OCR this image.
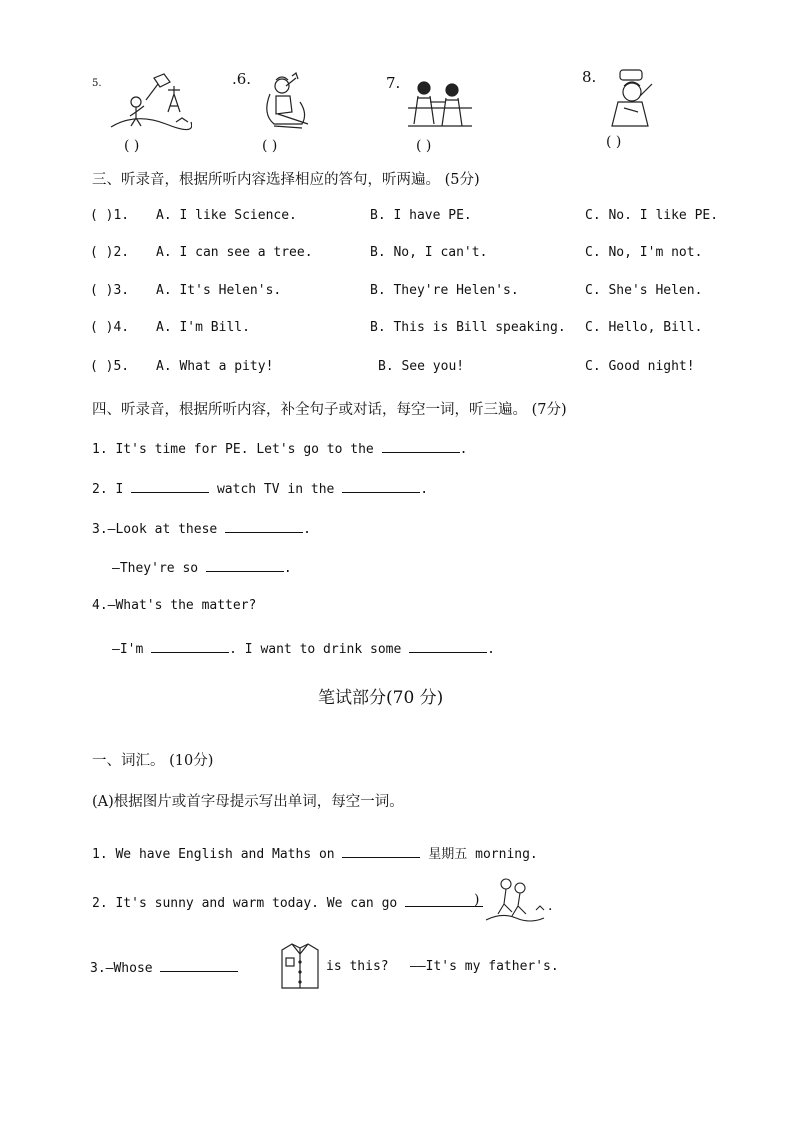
5.
( )
.6.
( )
7.
( )
8.
( )
三、听录音，根据所听内容选择相应的答句，听两遍。 (5分)
( )1. A. I like Science.	B. I have PE.	C. No. I like PE.
( )2. A. I can see a tree.	B. No, I can't.	C. No, I'm not.
( )3. A. It's Helen's.	B. They're Helen's.	C. She's Helen.
( )4. A. I'm Bill.	B. This is Bill speaking. C. Hello, Bill.
( )5. A. What a pity!	B. See you!	C. Good night!
四、听录音，根据所听内容，补全句子或对话，每空一词，听三遍。 (7分)
1. It's time for PE. Let's go to the	.
2. I	watch TV in the	.
3.—Look at these	.
—They're so	.
4.—What's the matter?
—I'm	. I want to drink some	.
笔试部分(70 分)
一、词汇。 (10分)
(A)根据图片或首字母提示写出单词，每空一词。
1. We have English and Maths on	星期五 morning.
2. It's sunny and warm today. We can go	)	.
3.—Whose	is this? ——It's my father's.
